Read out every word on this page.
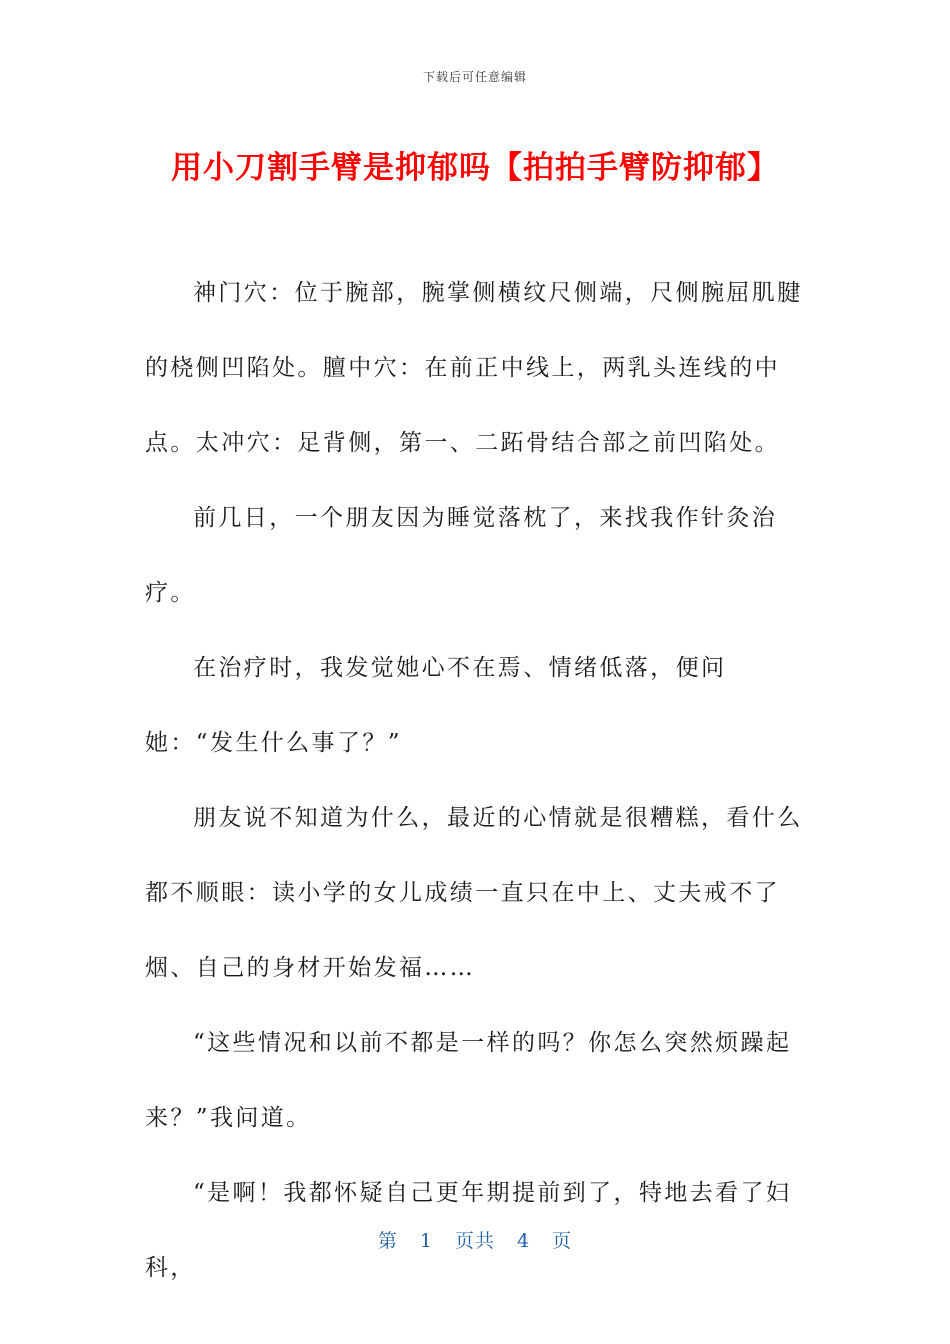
下载后可任意编辑
用小刀割手臂是抑郁吗【拍拍手臂防抑郁】

神门穴：位于腕部，腕掌侧横纹尺侧端，尺侧腕屈肌腱的桡侧凹陷处。膻中穴：在前正中线上，两乳头连线的中点。太冲穴：足背侧，第一、二跖骨结合部之前凹陷处。

前几日，一个朋友因为睡觉落枕了，来找我作针灸治疗。

在治疗时，我发觉她心不在焉、情绪低落，便问她：“发生什么事了？”

朋友说不知道为什么，最近的心情就是很糟糕，看什么都不顺眼：读小学的女儿成绩一直只在中上、丈夫戒不了烟、自己的身材开始发福……

“这些情况和以前不都是一样的吗？你怎么突然烦躁起来？”我问道。

“是啊！我都怀疑自己更年期提前到了，特地去看了妇科，

第 1 页共 4 页
